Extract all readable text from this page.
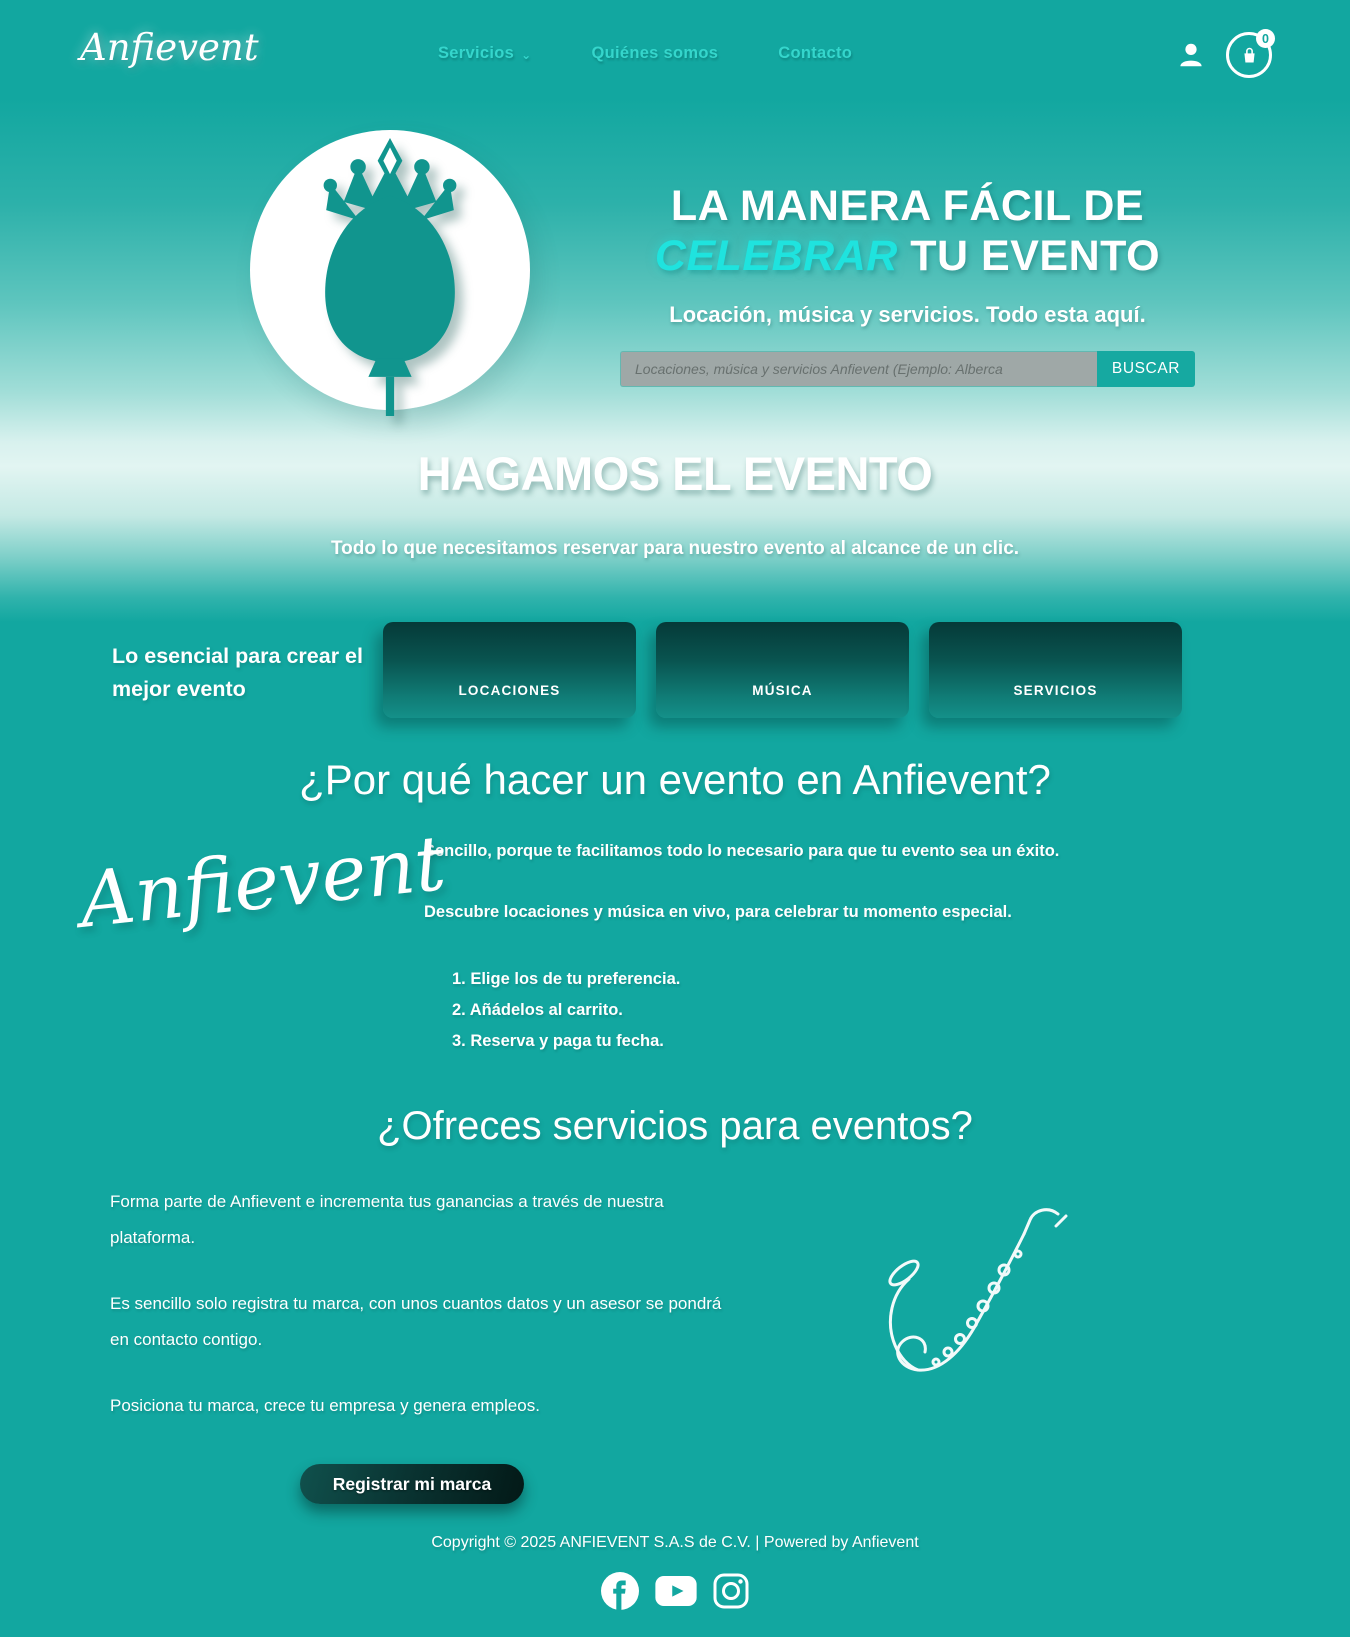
Anfievent	Servicios ⌄	Quiénes somos	Contacto
0
LA MANERA FÁCIL DE
CELEBRAR TU EVENTO
Locación, música y servicios. Todo esta aquí.
Locaciones, música y servicios Anfievent (Ejemplo: Alberca
BUSCAR
HAGAMOS EL EVENTO
Todo lo que necesitamos reservar para nuestro evento al alcance de un clic.
Lo esencial para crear el mejor evento	LOCACIONES	MÚSICA	SERVICIOS
¿Por qué hacer un evento en Anfievent?

Sencillo, porque te facilitamos todo lo necesario para que tu evento sea un éxito.

Descubre locaciones y música en vivo, para celebrar tu momento especial.

1. Elige los de tu preferencia.
2. Añádelos al carrito.
3. Reserva y paga tu fecha.
Anfievent
¿Ofreces servicios para eventos?

Forma parte de Anfievent e incrementa tus ganancias a través de nuestra plataforma.

Es sencillo solo registra tu marca, con unos cuantos datos y un asesor se pondrá en contacto contigo.

Posiciona tu marca, crece tu empresa y genera empleos.

Registrar mi marca
Copyright © 2025 ANFIEVENT S.A.S de C.V. | Powered by Anfievent
